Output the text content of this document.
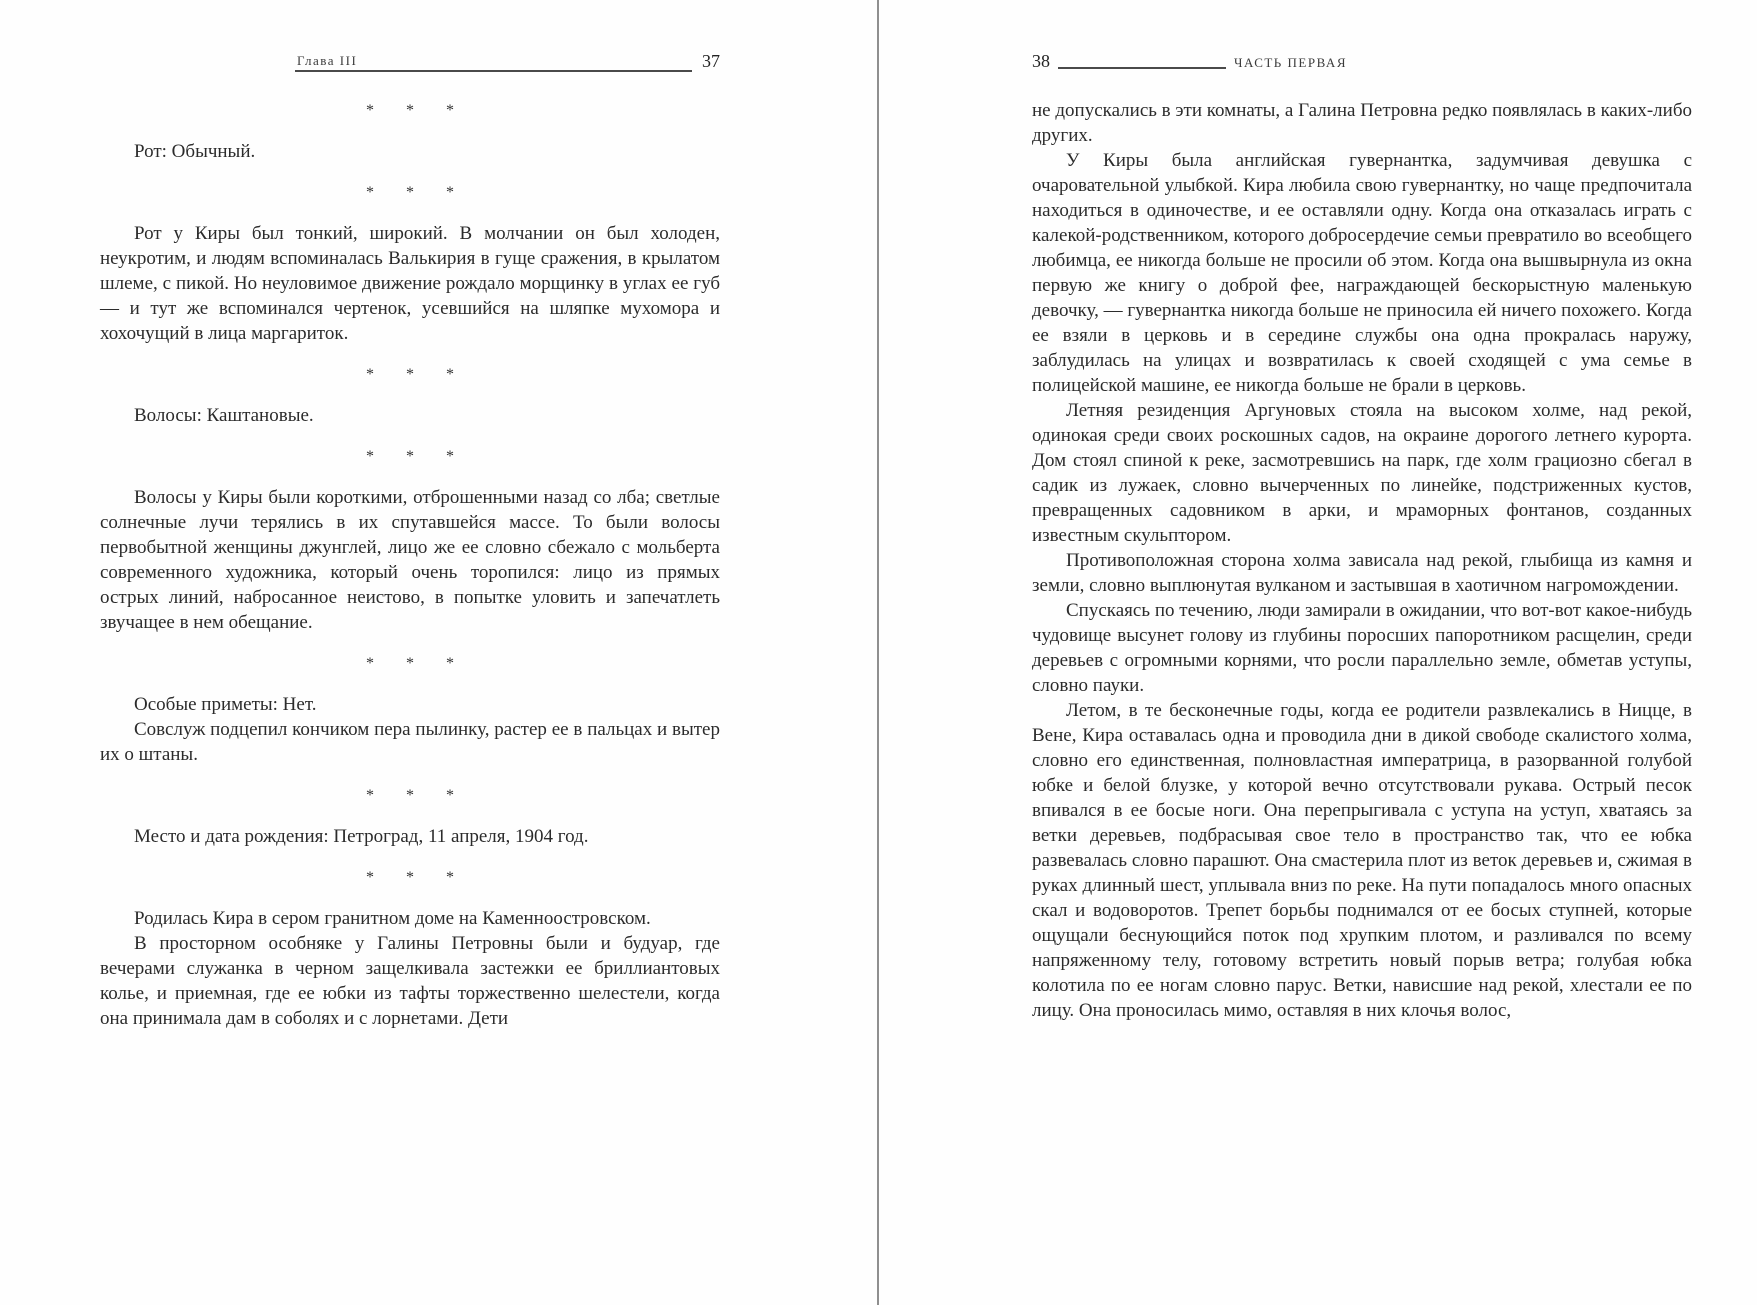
Глава III	37
* * *
Рот: Обычный.
* * *
Рот у Киры был тонкий, широкий. В молчании он был холоден, неукротим, и людям вспоминалась Валькирия в гуще сражения, в крылатом шлеме, с пикой. Но неуловимое движение рождало морщинку в углах ее губ — и тут же вспоминался чертенок, усевшийся на шляпке мухомора и хохочущий в лица маргариток.
* * *
Волосы: Каштановые.
* * *
Волосы у Киры были короткими, отброшенными назад со лба; светлые солнечные лучи терялись в их спутавшейся массе. То были волосы первобытной женщины джунглей, лицо же ее словно сбежало с мольберта современного художника, который очень торопился: лицо из прямых острых линий, набросанное неистово, в попытке уловить и запечатлеть звучащее в нем обещание.
* * *
Особые приметы: Нет.
Совслуж подцепил кончиком пера пылинку, растер ее в пальцах и вытер их о штаны.
* * *
Место и дата рождения: Петроград, 11 апреля, 1904 год.
* * *
Родилась Кира в сером гранитном доме на Каменноостровском.
В просторном особняке у Галины Петровны были и будуар, где вечерами служанка в черном защелкивала застежки ее бриллиантовых колье, и приемная, где ее юбки из тафты торжественно шелестели, когда она принимала дам в соболях и с лорнетами. Дети
38	ЧАСТЬ ПЕРВАЯ
не допускались в эти комнаты, а Галина Петровна редко появлялась в каких-либо других.
У Киры была английская гувернантка, задумчивая девушка с очаровательной улыбкой. Кира любила свою гувернантку, но чаще предпочитала находиться в одиночестве, и ее оставляли одну. Когда она отказалась играть с калекой-родственником, которого добросердечие семьи превратило во всеобщего любимца, ее никогда больше не просили об этом. Когда она вышвырнула из окна первую же книгу о доброй фее, награждающей бескорыстную маленькую девочку, — гувернантка никогда больше не приносила ей ничего похожего. Когда ее взяли в церковь и в середине службы она одна прокралась наружу, заблудилась на улицах и возвратилась к своей сходящей с ума семье в полицейской машине, ее никогда больше не брали в церковь.
Летняя резиденция Аргуновых стояла на высоком холме, над рекой, одинокая среди своих роскошных садов, на окраине дорогого летнего курорта. Дом стоял спиной к реке, засмотревшись на парк, где холм грациозно сбегал в садик из лужаек, словно вычерченных по линейке, подстриженных кустов, превращенных садовником в арки, и мраморных фонтанов, созданных известным скульптором.
Противоположная сторона холма зависала над рекой, глыбища из камня и земли, словно выплюнутая вулканом и застывшая в хаотичном нагромождении.
Спускаясь по течению, люди замирали в ожидании, что вот-вот какое-нибудь чудовище высунет голову из глубины поросших папоротником расщелин, среди деревьев с огромными корнями, что росли параллельно земле, обметав уступы, словно пауки.
Летом, в те бесконечные годы, когда ее родители развлекались в Ницце, в Вене, Кира оставалась одна и проводила дни в дикой свободе скалистого холма, словно его единственная, полновластная императрица, в разорванной голубой юбке и белой блузке, у которой вечно отсутствовали рукава. Острый песок впивался в ее босые ноги. Она перепрыгивала с уступа на уступ, хватаясь за ветки деревьев, подбрасывая свое тело в пространство так, что ее юбка развевалась словно парашют. Она смастерила плот из веток деревьев и, сжимая в руках длинный шест, уплывала вниз по реке. На пути попадалось много опасных скал и водоворотов. Трепет борьбы поднимался от ее босых ступней, которые ощущали беснующийся поток под хрупким плотом, и разливался по всему напряженному телу, готовому встретить новый порыв ветра; голубая юбка колотила по ее ногам словно парус. Ветки, нависшие над рекой, хлестали ее по лицу. Она проносилась мимо, оставляя в них клочья волос,
